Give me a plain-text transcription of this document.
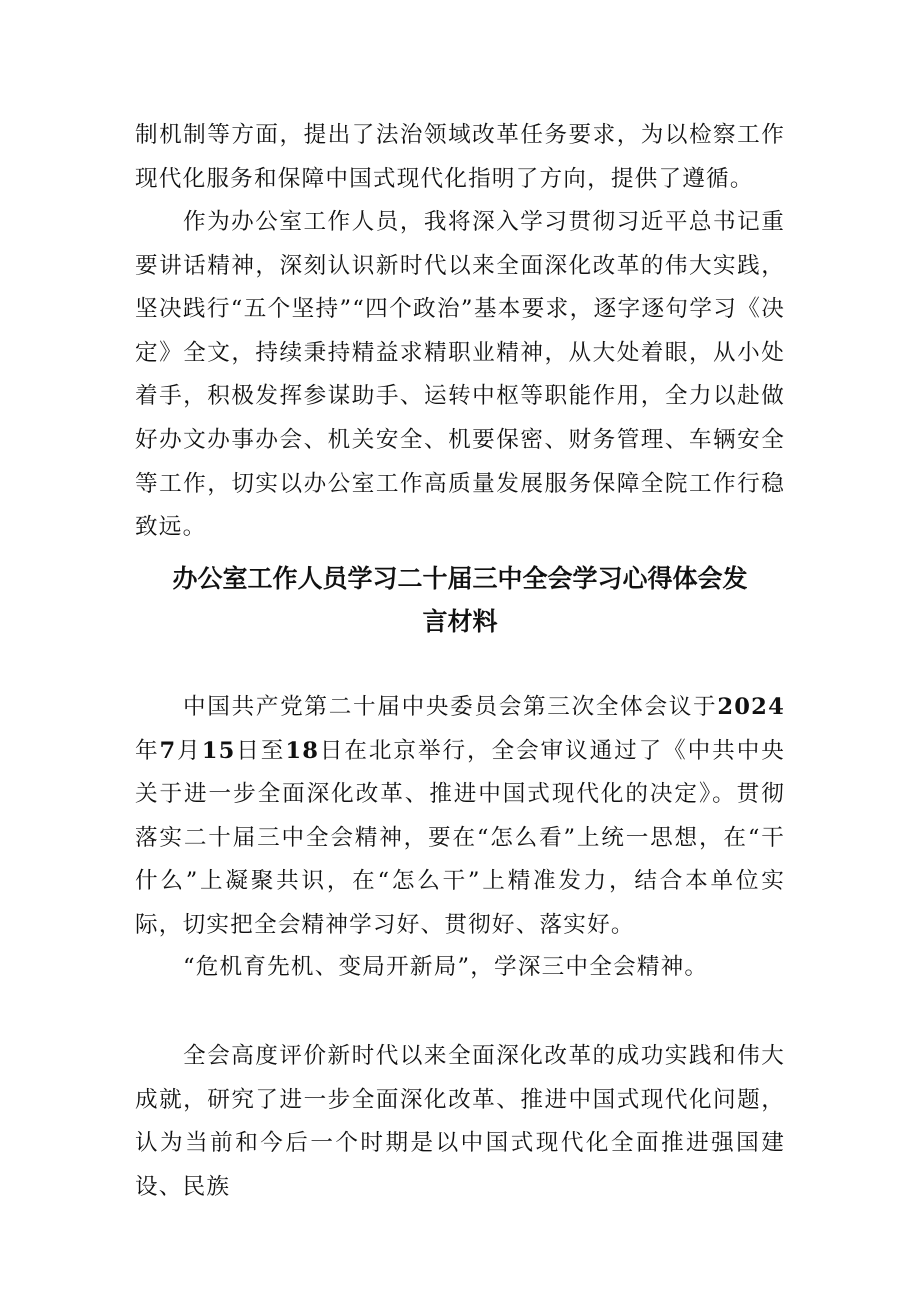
制机制等方面，提出了法治领域改革任务要求，为以检察工作现代化服务和保障中国式现代化指明了方向，提供了遵循。

作为办公室工作人员，我将深入学习贯彻习近平总书记重要讲话精神，深刻认识新时代以来全面深化改革的伟大实践，坚决践行“五个坚持”“四个政治”基本要求，逐字逐句学习《决定》全文，持续秉持精益求精职业精神，从大处着眼，从小处着手，积极发挥参谋助手、运转中枢等职能作用，全力以赴做好办文办事办会、机关安全、机要保密、财务管理、车辆安全等工作，切实以办公室工作高质量发展服务保障全院工作行稳致远。

办公室工作人员学习二十届三中全会学习心得体会发
言材料

中国共产党第二十届中央委员会第三次全体会议于2024年7月15日至18日在北京举行，全会审议通过了《中共中央关于进一步全面深化改革、推进中国式现代化的决定》。贯彻落实二十届三中全会精神，要在“怎么看”上统一思想，在“干什么”上凝聚共识，在“怎么干”上精准发力，结合本单位实际，切实把全会精神学习好、贯彻好、落实好。

“危机育先机、变局开新局”，学深三中全会精神。

全会高度评价新时代以来全面深化改革的成功实践和伟大成就，研究了进一步全面深化改革、推进中国式现代化问题，认为当前和今后一个时期是以中国式现代化全面推进强国建设、民族
